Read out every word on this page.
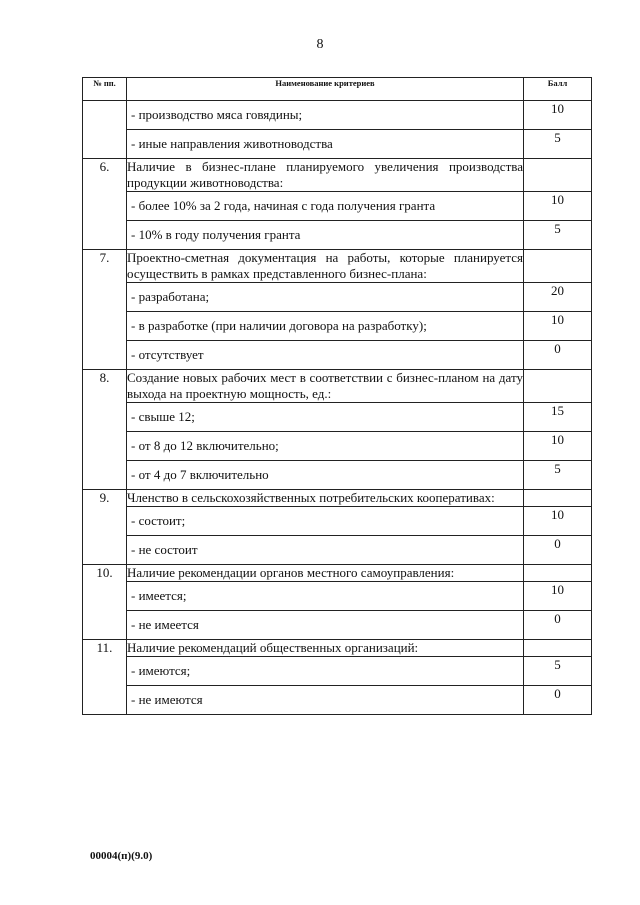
8
№ пп.	Наименование критериев	Балл
	- производство мяса говядины;	10
	- иные направления животноводства	5
6.	Наличие в бизнес-плане планируемого увеличения производства продукции животноводства:	
	- более 10% за 2 года, начиная с года получения гранта	10
	- 10% в году получения гранта	5
7.	Проектно-сметная документация на работы, которые планируется осуществить в рамках представленного бизнес-плана:	
	- разработана;	20
	- в разработке (при наличии договора на разработку);	10
	- отсутствует	0
8.	Создание новых рабочих мест в соответствии с бизнес-планом на дату выхода на проектную мощность, ед.:	
	- свыше 12;	15
	- от 8 до 12 включительно;	10
	- от 4 до 7 включительно	5
9.	Членство в сельскохозяйственных потребительских кооперативах:	
	- состоит;	10
	- не состоит	0
10.	Наличие рекомендации органов местного самоуправления:	
	- имеется;	10
	- не имеется	0
11.	Наличие рекомендаций общественных организаций:	
	- имеются;	5
	- не имеются	0
00004(п)(9.0)
